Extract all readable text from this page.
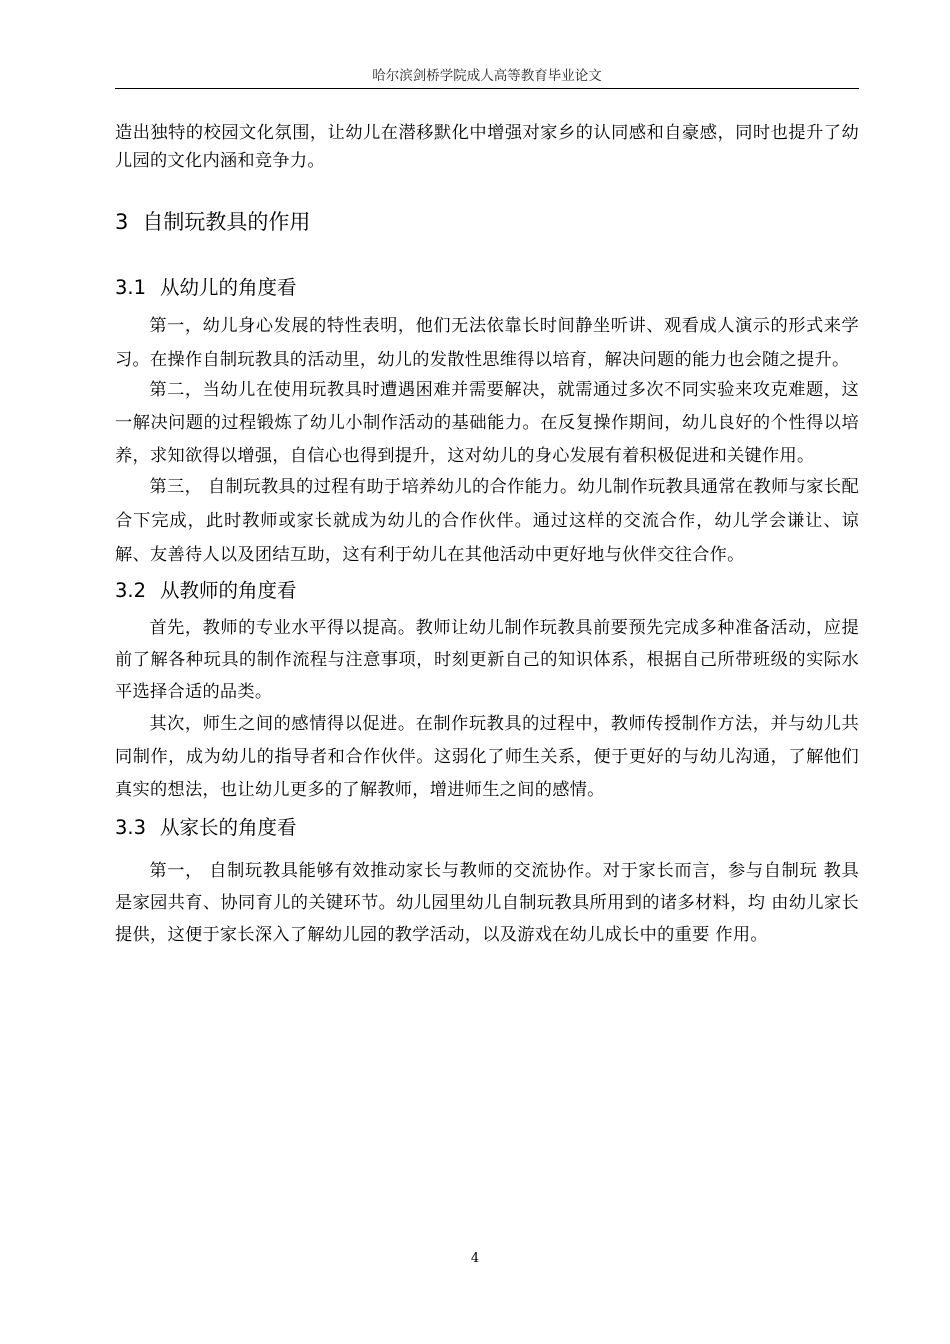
哈尔滨剑桥学院成人高等教育毕业论文

造出独特的校园文化氛围，让幼儿在潜移默化中增强对家乡的认同感和自豪感，同时也提升了幼儿园的文化内涵和竞争力。

3 自制玩教具的作用
3.1 从幼儿的角度看

第一，幼儿身心发展的特性表明，他们无法依靠长时间静坐听讲、观看成人演示的形式来学习。在操作自制玩教具的活动里，幼儿的发散性思维得以培育，解决问题的能力也会随之提升。

第二，当幼儿在使用玩教具时遭遇困难并需要解决，就需通过多次不同实验来攻克难题，这一解决问题的过程锻炼了幼儿小制作活动的基础能力。在反复操作期间，幼儿良好的个性得以培养，求知欲得以增强，自信心也得到提升，这对幼儿的身心发展有着积极促进和关键作用。

第三， 自制玩教具的过程有助于培养幼儿的合作能力。幼儿制作玩教具通常在教师与家长配合下完成，此时教师或家长就成为幼儿的合作伙伴。通过这样的交流合作，幼儿学会谦让、谅解、友善待人以及团结互助，这有利于幼儿在其他活动中更好地与伙伴交往合作。

3.2 从教师的角度看

首先，教师的专业水平得以提高。教师让幼儿制作玩教具前要预先完成多种准备活动，应提前了解各种玩具的制作流程与注意事项，时刻更新自己的知识体系，根据自己所带班级的实际水平选择合适的品类。

其次，师生之间的感情得以促进。在制作玩教具的过程中，教师传授制作方法，并与幼儿共同制作，成为幼儿的指导者和合作伙伴。这弱化了师生关系，便于更好的与幼儿沟通，了解他们真实的想法，也让幼儿更多的了解教师，增进师生之间的感情。

3.3 从家长的角度看

第一， 自制玩教具能够有效推动家长与教师的交流协作。对于家长而言，参与自制玩 教具是家园共育、协同育儿的关键环节。幼儿园里幼儿自制玩教具所用到的诸多材料，均 由幼儿家长提供，这便于家长深入了解幼儿园的教学活动，以及游戏在幼儿成长中的重要 作用。

4
